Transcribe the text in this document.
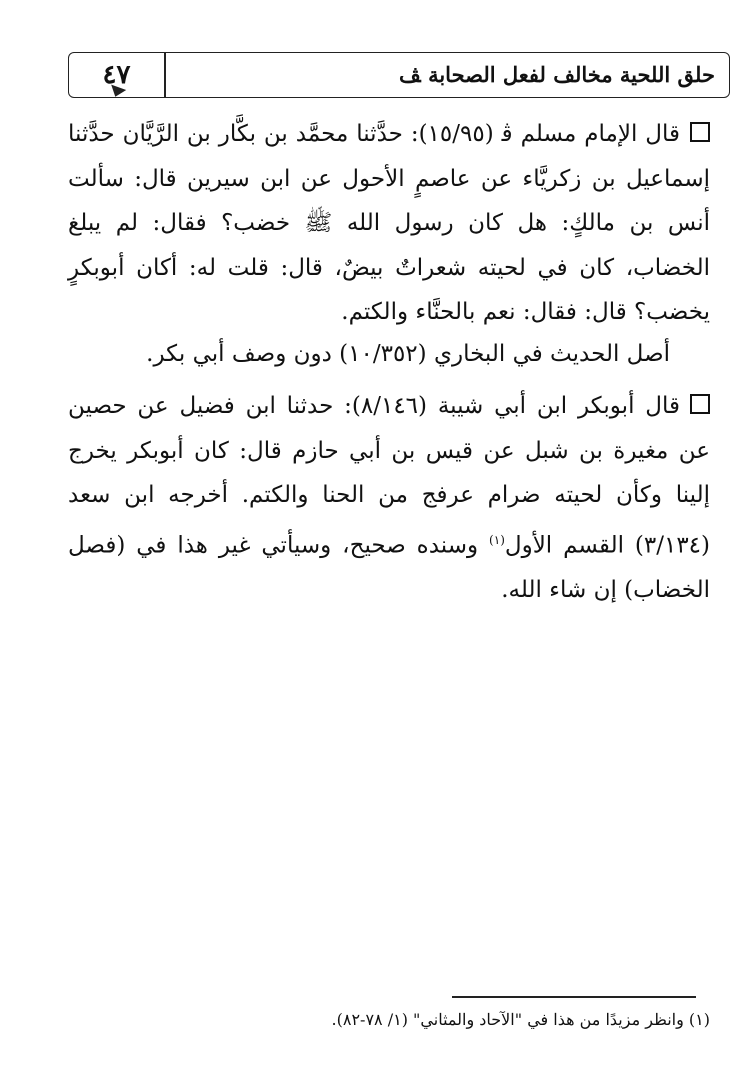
٤٧	حلق اللحية مخالف لفعل الصحابة ﭫ

قال الإمام مسلم ﭬ (١٥/٩٥): حدَّثنا محمَّد بن بكَّار بن الرَّيَّان حدَّثنا إسماعيل بن زكريَّاء عن عاصمٍ الأحول عن ابن سيرين قال: سألت أنس بن مالكٍ: هل كان رسول الله ﷺ خضب؟ فقال: لم يبلغ الخضاب، كان في لحيته شعراتٌ بيضٌ، قال: قلت له: أكان أبوبكرٍ يخضب؟ قال: فقال: نعم بالحنَّاء والكتم.

أصل الحديث في البخاري (١٠/٣٥٢) دون وصف أبي بكر.

قال أبوبكر ابن أبي شيبة (٨/١٤٦): حدثنا ابن فضيل عن حصين عن مغيرة بن شبل عن قيس بن أبي حازم قال: كان أبوبكر يخرج إلينا وكأن لحيته ضرام عرفج من الحنا والكتم. أخرجه ابن سعد (٣/١٣٤) القسم الأول$^{(١)}$ وسنده صحيح، وسيأتي غير هذا في (فصل الخضاب) إن شاء الله.

(١) وانظر مزيدًا من هذا في "الآحاد والمثاني" (١/ ٧٨-٨٢).
